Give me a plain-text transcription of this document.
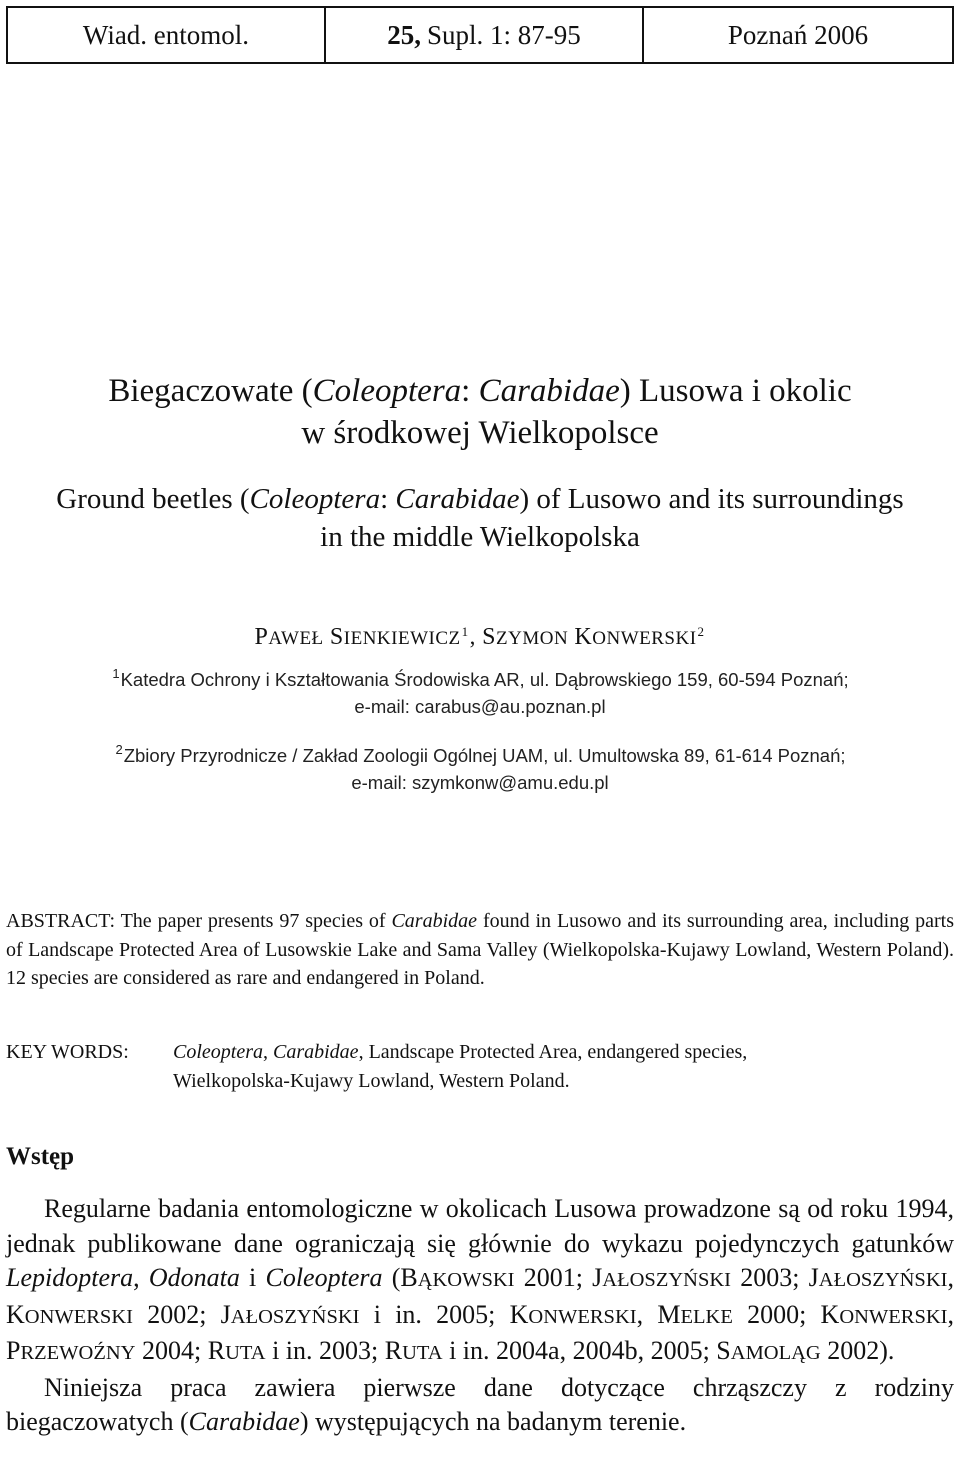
Wiad. entomol.	25, Supl. 1: 87-95	Poznań 2006
Biegaczowate (Coleoptera: Carabidae) Lusowa i okolic
w środkowej Wielkopolsce
Ground beetles (Coleoptera: Carabidae) of Lusowo and its surroundings
in the middle Wielkopolska
PAWEŁ SIENKIEWICZ$^1$, SZYMON KONWERSKI$^2$
$^1$Katedra Ochrony i Kształtowania Środowiska AR, ul. Dąbrowskiego 159, 60-594 Poznań;
e-mail: carabus@au.poznan.pl
$^2$Zbiory Przyrodnicze / Zakład Zoologii Ogólnej UAM, ul. Umultowska 89, 61-614 Poznań;
e-mail: szymkonw@amu.edu.pl
ABSTRACT: The paper presents 97 species of Carabidae found in Lusowo and its surrounding area, including parts of Landscape Protected Area of Lusowskie Lake and Sama Valley (Wielkopolska-Kujawy Lowland, Western Poland). 12 species are considered as rare and endangered in Poland.
KEY WORDS: Coleoptera, Carabidae, Landscape Protected Area, endangered species,
Wielkopolska-Kujawy Lowland, Western Poland.
Wstęp

Regularne badania entomologiczne w okolicach Lusowa prowadzone są od roku 1994, jednak publikowane dane ograniczają się głównie do wykazu pojedynczych gatunków Lepidoptera, Odonata i Coleoptera (BĄKOWSKI 2001; JAŁOSZYŃSKI 2003; JAŁOSZYŃSKI, KONWERSKI 2002; JAŁOSZYŃSKI i in. 2005; KONWERSKI, MELKE 2000; KONWERSKI, PRZEWOŹNY 2004; RUTA i in. 2003; RUTA i in. 2004a, 2004b, 2005; SAMOLĄG 2002).

Niniejsza praca zawiera pierwsze dane dotyczące chrząszczy z rodziny biegaczowatych (Carabidae) występujących na badanym terenie.
